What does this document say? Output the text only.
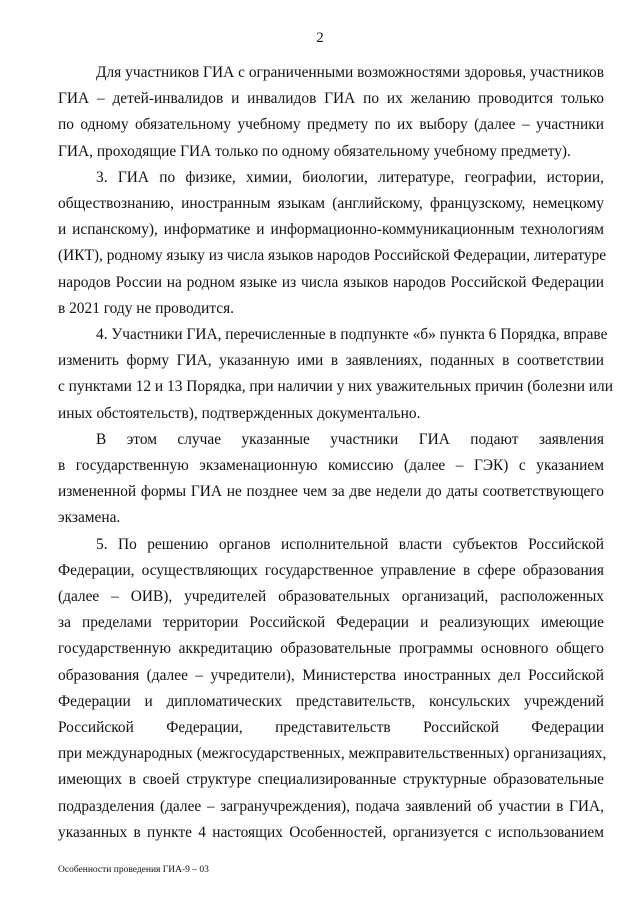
2
Для участников ГИА с ограниченными возможностями здоровья, участников
ГИА – детей-инвалидов и инвалидов ГИА по их желанию проводится только
по одному обязательному учебному предмету по их выбору (далее – участники
ГИА, проходящие ГИА только по одному обязательному учебному предмету).
3. ГИА по физике, химии, биологии, литературе, географии, истории,
обществознанию, иностранным языкам (английскому, французскому, немецкому
и испанскому), информатике и информационно-коммуникационным технологиям
(ИКТ), родному языку из числа языков народов Российской Федерации, литературе
народов России на родном языке из числа языков народов Российской Федерации
в 2021 году не проводится.
4. Участники ГИА, перечисленные в подпункте «б» пункта 6 Порядка, вправе
изменить форму ГИА, указанную ими в заявлениях, поданных в соответствии
с пунктами 12 и 13 Порядка, при наличии у них уважительных причин (болезни или
иных обстоятельств), подтвержденных документально.
В этом случае указанные участники ГИА подают заявления
в государственную экзаменационную комиссию (далее – ГЭК) с указанием
измененной формы ГИА не позднее чем за две недели до даты соответствующего
экзамена.
5. По решению органов исполнительной власти субъектов Российской
Федерации, осуществляющих государственное управление в сфере образования
(далее – ОИВ), учредителей образовательных организаций, расположенных
за пределами территории Российской Федерации и реализующих имеющие
государственную аккредитацию образовательные программы основного общего
образования (далее – учредители), Министерства иностранных дел Российской
Федерации и дипломатических представительств, консульских учреждений
Российской Федерации, представительств Российской Федерации
при международных (межгосударственных, межправительственных) организациях,
имеющих в своей структуре специализированные структурные образовательные
подразделения (далее – загранучреждения), подача заявлений об участии в ГИА,
указанных в пункте 4 настоящих Особенностей, организуется с использованием
Особенности проведения ГИА-9 – 03
